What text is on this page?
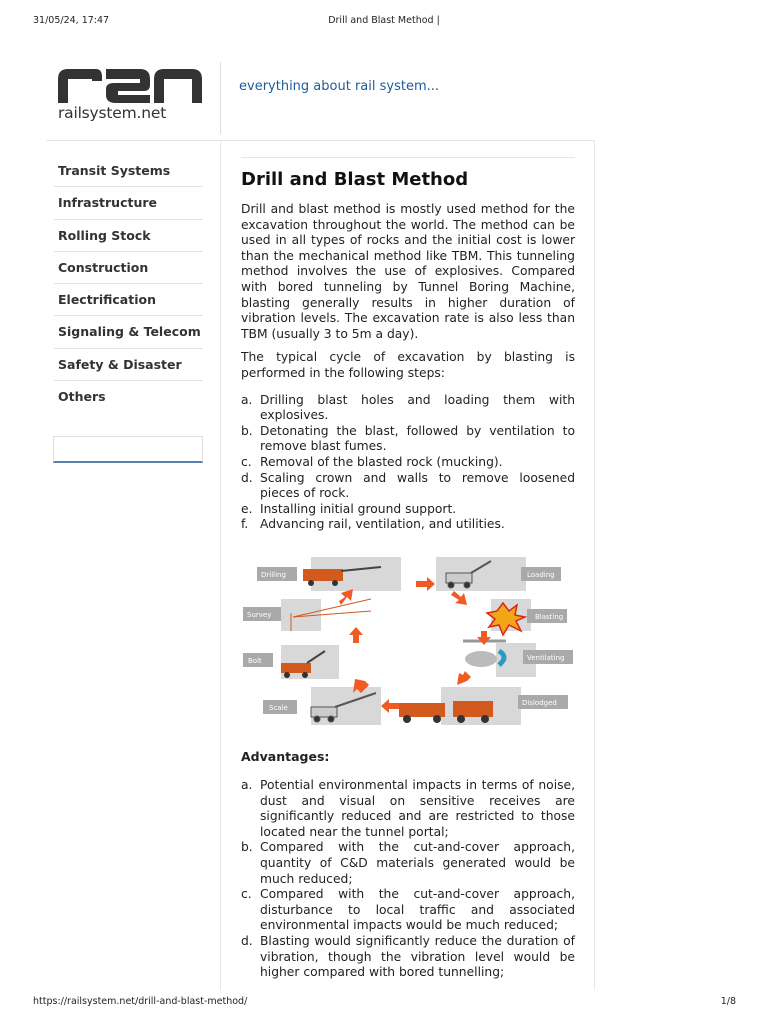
31/05/24, 17:47	Drill and Blast Method |
railsystem.net
everything about rail system...
Transit Systems
Infrastructure
Rolling Stock
Construction
Electrification
Signaling & Telecom
Safety & Disaster
Others
Drill and Blast Method

Drill and blast method is mostly used method for the excavation throughout the world. The method can be used in all types of rocks and the initial cost is lower than the mechanical method like TBM. This tunneling method involves the use of explosives. Compared with bored tunneling by Tunnel Boring Machine, blasting generally results in higher duration of vibration levels. The excavation rate is also less than TBM (usually 3 to 5m a day).

The typical cycle of excavation by blasting is performed in the following steps:

a. Drilling blast holes and loading them with explosives.
b. Detonating the blast, followed by ventilation to remove blast fumes.
c. Removal of the blasted rock (mucking).
d. Scaling crown and walls to remove loosened pieces of rock.
e. Installing initial ground support.
f. Advancing rail, ventilation, and utilities.
Drilling	Loading
Survey	Blasting
Bolt	Ventilating
Scale
Dislodged

Advantages:

a. Potential environmental impacts in terms of noise, dust and visual on sensitive receives are significantly reduced and are restricted to those located near the tunnel portal;
b. Compared with the cut-and-cover approach, quantity of C&D materials generated would be much reduced;
c. Compared with the cut-and-cover approach, disturbance to local traffic and associated environmental impacts would be much reduced;
d. Blasting would significantly reduce the duration of vibration, though the vibration level would be higher compared with bored tunnelling;
https://railsystem.net/drill-and-blast-method/	1/8
